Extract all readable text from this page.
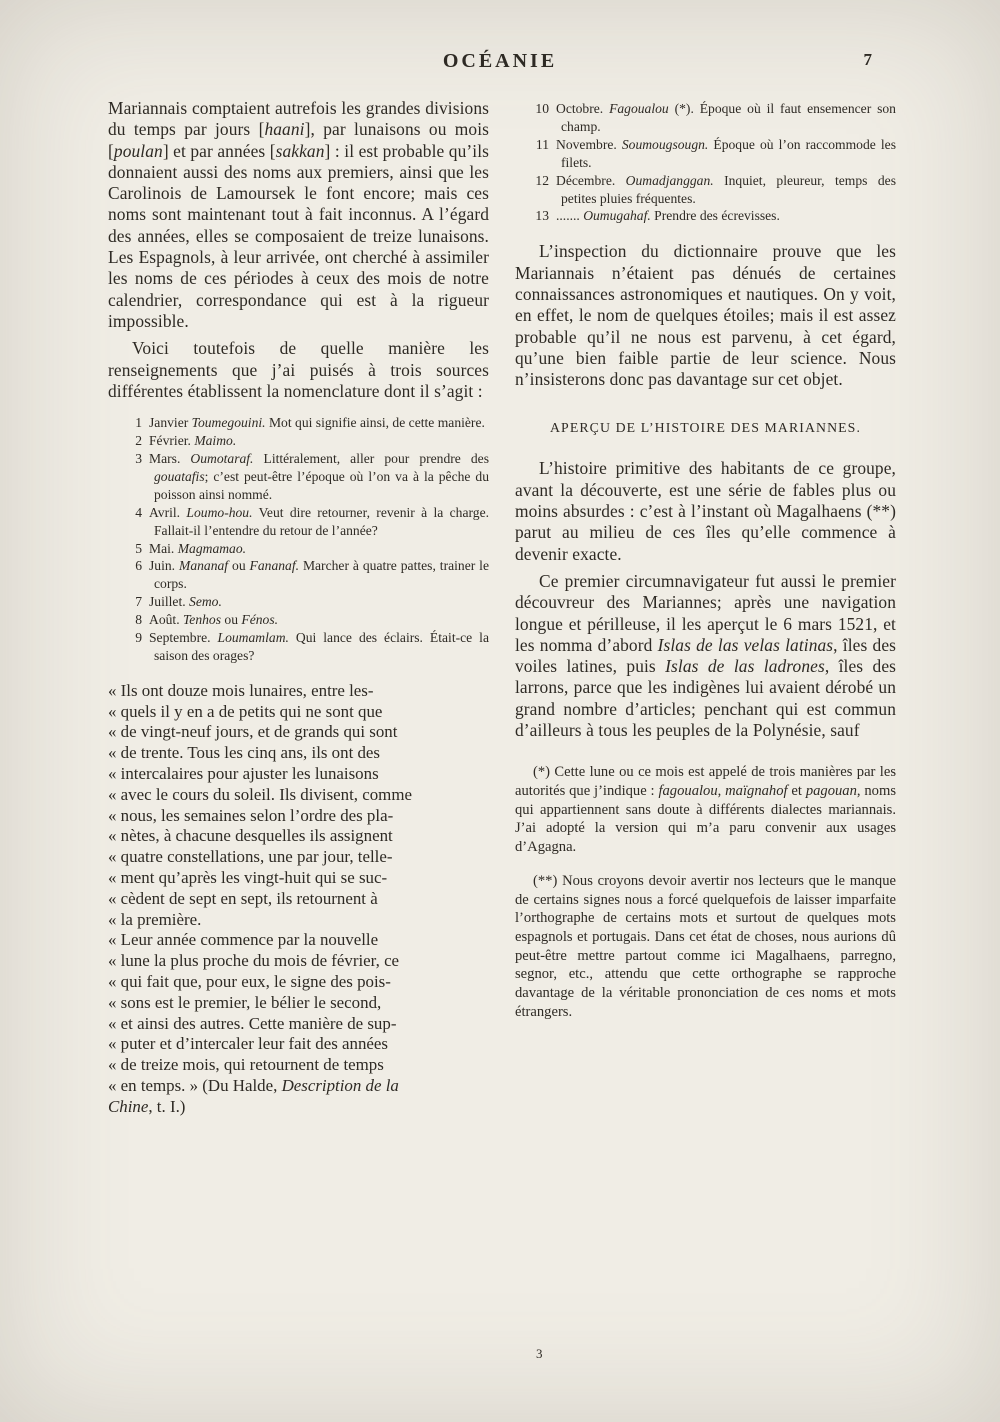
OCÉANIE	7

Mariannais comptaient autrefois les grandes divisions du temps par jours [haani], par lunaisons ou mois [poulan] et par années [sakkan] : il est probable qu’ils donnaient aussi des noms aux premiers, ainsi que les Carolinois de Lamoursek le font encore; mais ces noms sont maintenant tout à fait inconnus. A l’égard des années, elles se composaient de treize lunaisons. Les Espagnols, à leur arrivée, ont cherché à assimiler les noms de ces périodes à ceux des mois de notre calendrier, correspondance qui est à la rigueur impossible.

Voici toutefois de quelle manière les renseignements que j’ai puisés à trois sources différentes établissent la nomenclature dont il s’agit :

1 Janvier Toumegouini. Mot qui signifie ainsi, de cette manière.
2 Février. Maimo.
3 Mars. Oumotaraf. Littéralement, aller pour prendre des gouatafis; c’est peut-être l’époque où l’on va à la pêche du poisson ainsi nommé.
4 Avril. Loumo-hou. Veut dire retourner, revenir à la charge. Fallait-il l’entendre du retour de l’année?
5 Mai. Magmamao.
6 Juin. Mananaf ou Fananaf. Marcher à quatre pattes, trainer le corps.
7 Juillet. Semo.
8 Août. Tenhos ou Fénos.
9 Septembre. Loumamlam. Qui lance des éclairs. Était-ce la saison des orages?
« Ils ont douze mois lunaires, entre les-
« quels il y en a de petits qui ne sont que
« de vingt-neuf jours, et de grands qui sont
« de trente. Tous les cinq ans, ils ont des
« intercalaires pour ajuster les lunaisons
« avec le cours du soleil. Ils divisent, comme
« nous, les semaines selon l’ordre des pla-
« nètes, à chacune desquelles ils assignent
« quatre constellations, une par jour, telle-
« ment qu’après les vingt-huit qui se suc-
« cèdent de sept en sept, ils retournent à
« la première.
« Leur année commence par la nouvelle
« lune la plus proche du mois de février, ce
« qui fait que, pour eux, le signe des pois-
« sons est le premier, le bélier le second,
« et ainsi des autres. Cette manière de sup-
« puter et d’intercaler leur fait des années
« de treize mois, qui retournent de temps
« en temps. » (Du Halde, Description de la
Chine, t. I.)
10 Octobre. Fagoualou (*). Époque où il faut ensemencer son champ.
11 Novembre. Soumougsougn. Époque où l’on raccommode les filets.
12 Décembre. Oumadjanggan. Inquiet, pleureur, temps des petites pluies fréquentes.
13 ....... Oumugahaf. Prendre des écrevisses.

L’inspection du dictionnaire prouve que les Mariannais n’étaient pas dénués de certaines connaissances astronomiques et nautiques. On y voit, en effet, le nom de quelques étoiles; mais il est assez probable qu’il ne nous est parvenu, à cet égard, qu’une bien faible partie de leur science. Nous n’insisterons donc pas davantage sur cet objet.

APERÇU DE L’HISTOIRE DES MARIANNES.

L’histoire primitive des habitants de ce groupe, avant la découverte, est une série de fables plus ou moins absurdes : c’est à l’instant où Magalhaens (**) parut au milieu de ces îles qu’elle commence à devenir exacte.

Ce premier circumnavigateur fut aussi le premier découvreur des Mariannes; après une navigation longue et périlleuse, il les aperçut le 6 mars 1521, et les nomma d’abord Islas de las velas latinas, îles des voiles latines, puis Islas de las ladrones, îles des larrons, parce que les indigènes lui avaient dérobé un grand nombre d’articles; penchant qui est commun d’ailleurs à tous les peuples de la Polynésie, sauf

(*) Cette lune ou ce mois est appelé de trois manières par les autorités que j’indique : fagoualou, maïgnahof et pagouan, noms qui appartiennent sans doute à différents dialectes mariannais. J’ai adopté la version qui m’a paru convenir aux usages d’Agagna.

(**) Nous croyons devoir avertir nos lecteurs que le manque de certains signes nous a forcé quelquefois de laisser imparfaite l’orthographe de certains mots et surtout de quelques mots espagnols et portugais. Dans cet état de choses, nous aurions dû peut-être mettre partout comme ici Magalhaens, parregno, segnor, etc., attendu que cette orthographe se rapproche davantage de la véritable prononciation de ces noms et mots étrangers.

3
